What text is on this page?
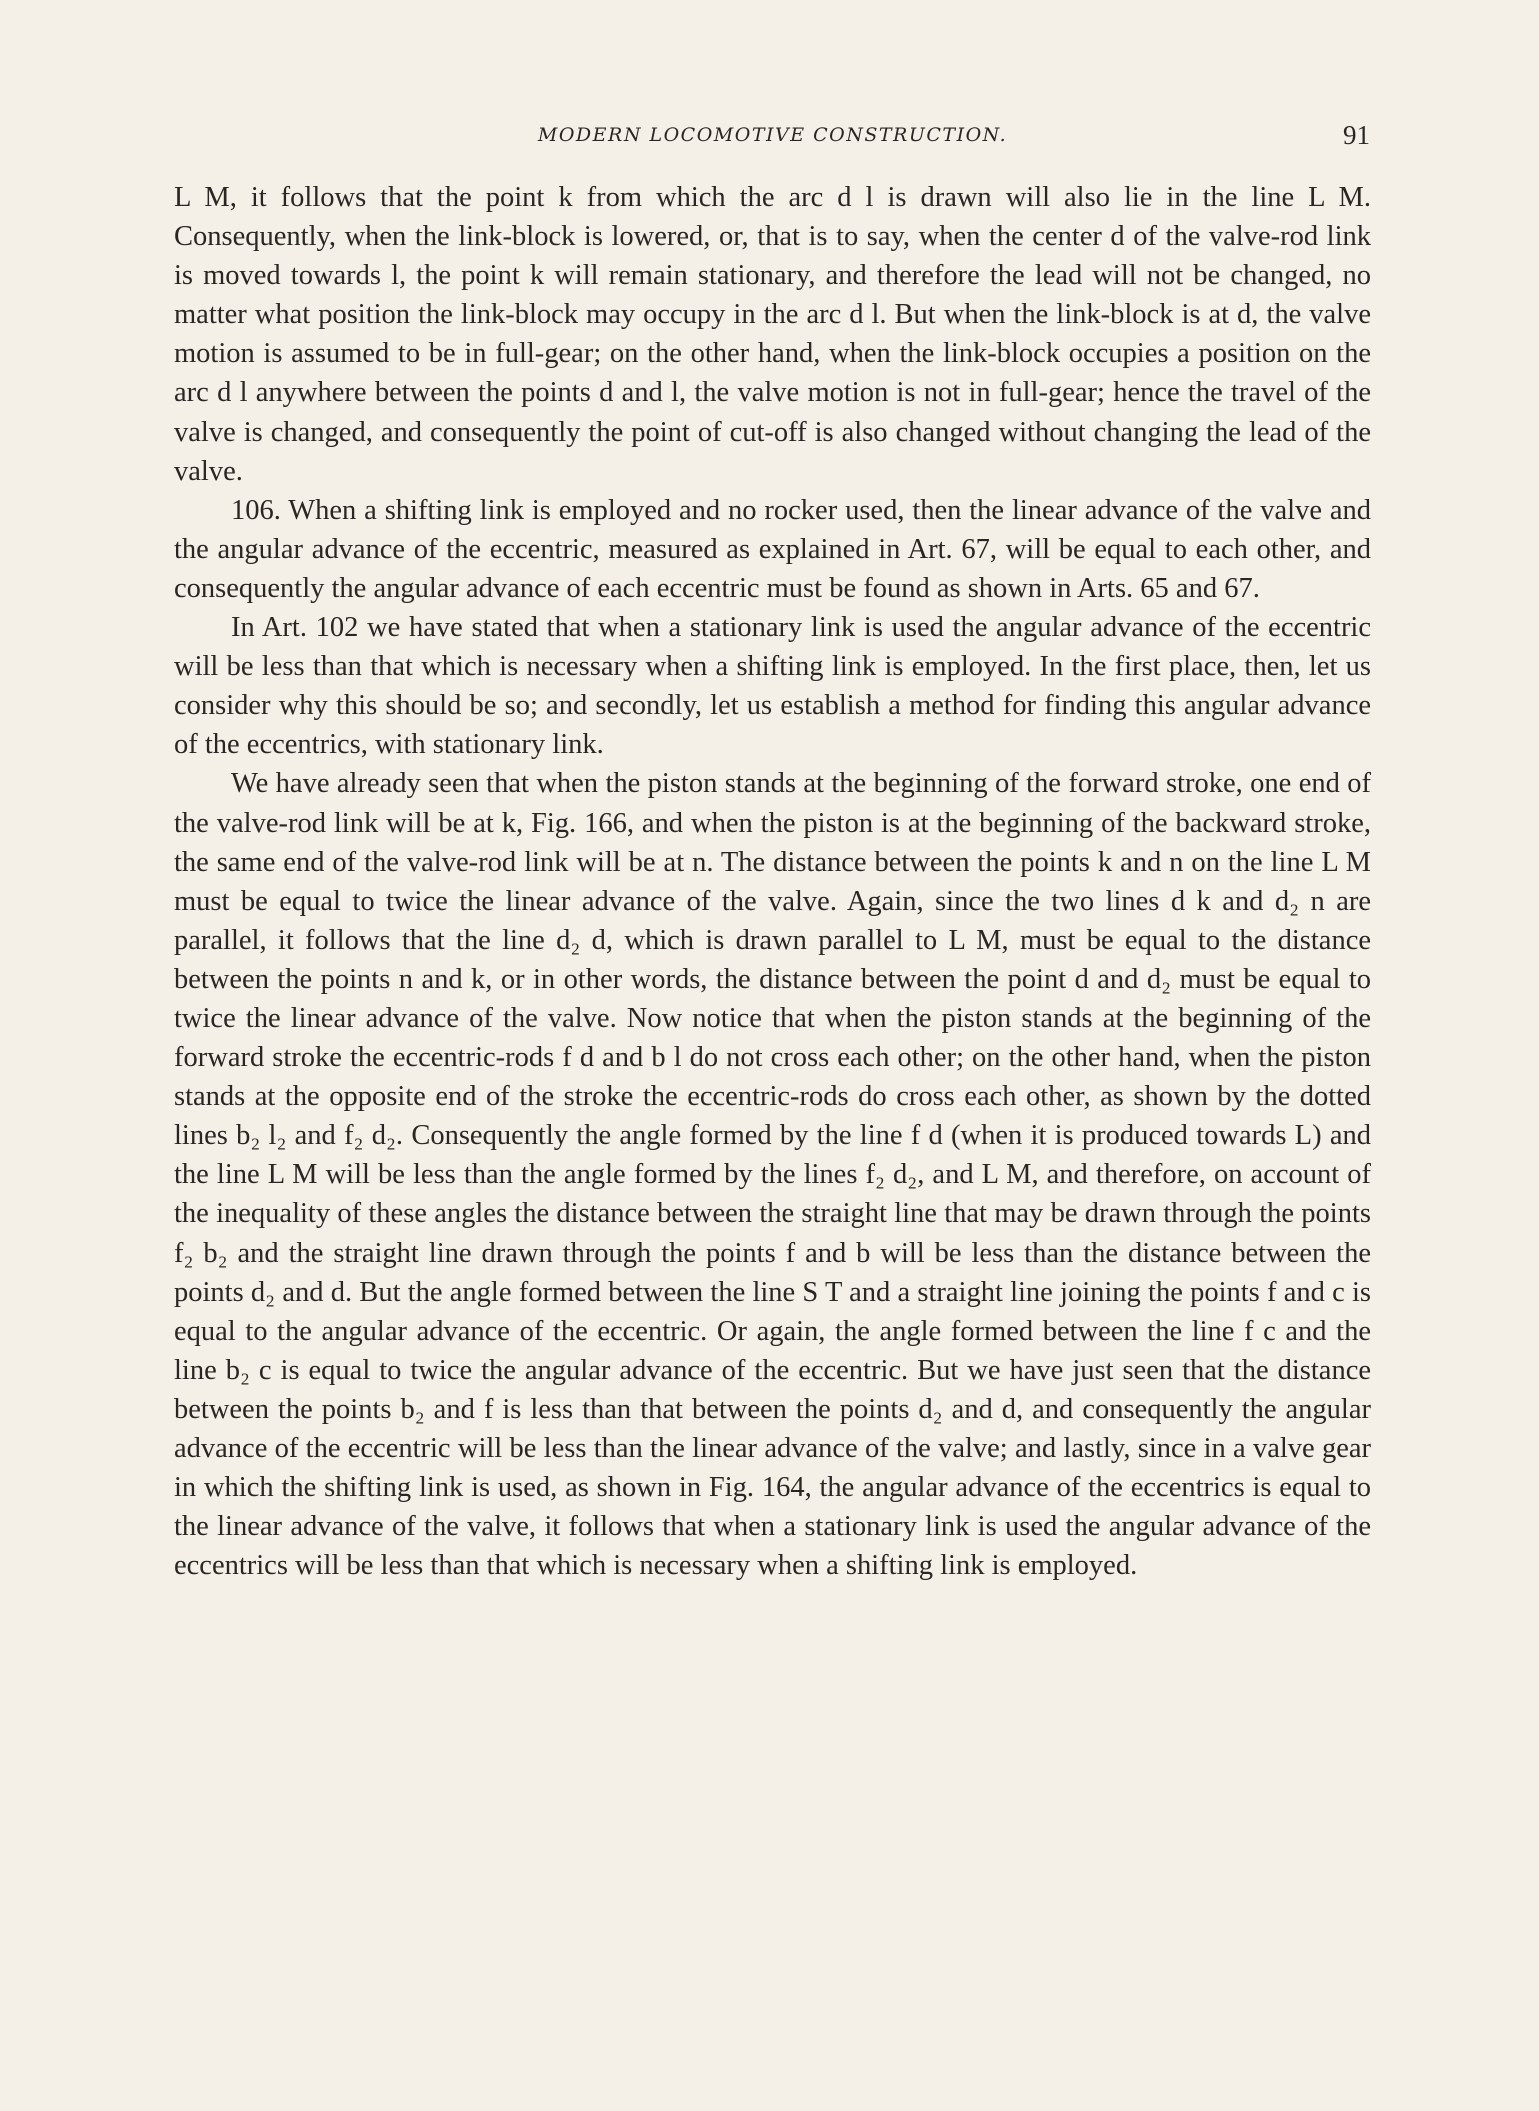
MODERN LOCOMOTIVE CONSTRUCTION.	91

L M, it follows that the point k from which the arc d l is drawn will also lie in the line L M. Consequently, when the link-block is lowered, or, that is to say, when the center d of the valve-rod link is moved towards l, the point k will remain stationary, and therefore the lead will not be changed, no matter what position the link-block may occupy in the arc d l. But when the link-block is at d, the valve motion is assumed to be in full-gear; on the other hand, when the link-block occupies a position on the arc d l anywhere between the points d and l, the valve motion is not in full-gear; hence the travel of the valve is changed, and consequently the point of cut-off is also changed without changing the lead of the valve.

106. When a shifting link is employed and no rocker used, then the linear advance of the valve and the angular advance of the eccentric, measured as explained in Art. 67, will be equal to each other, and consequently the angular advance of each eccentric must be found as shown in Arts. 65 and 67.

In Art. 102 we have stated that when a stationary link is used the angular advance of the eccentric will be less than that which is necessary when a shifting link is employed. In the first place, then, let us consider why this should be so; and secondly, let us establish a method for finding this angular advance of the eccentrics, with stationary link.

We have already seen that when the piston stands at the beginning of the forward stroke, one end of the valve-rod link will be at k, Fig. 166, and when the piston is at the beginning of the backward stroke, the same end of the valve-rod link will be at n. The distance between the points k and n on the line L M must be equal to twice the linear advance of the valve. Again, since the two lines d k and d₂ n are parallel, it follows that the line d₂ d, which is drawn parallel to L M, must be equal to the distance between the points n and k, or in other words, the distance between the point d and d₂ must be equal to twice the linear advance of the valve. Now notice that when the piston stands at the beginning of the forward stroke the eccentric-rods f d and b l do not cross each other; on the other hand, when the piston stands at the opposite end of the stroke the eccentric-rods do cross each other, as shown by the dotted lines b₂ l₂ and f₂ d₂. Consequently the angle formed by the line f d (when it is produced towards L) and the line L M will be less than the angle formed by the lines f₂ d₂, and L M, and therefore, on account of the inequality of these angles the distance between the straight line that may be drawn through the points f₂ b₂ and the straight line drawn through the points f and b will be less than the distance between the points d₂ and d. But the angle formed between the line S T and a straight line joining the points f and c is equal to the angular advance of the eccentric. Or again, the angle formed between the line f c and the line b₂ c is equal to twice the angular advance of the eccentric. But we have just seen that the distance between the points b₂ and f is less than that between the points d₂ and d, and consequently the angular advance of the eccentric will be less than the linear advance of the valve; and lastly, since in a valve gear in which the shifting link is used, as shown in Fig. 164, the angular advance of the eccentrics is equal to the linear advance of the valve, it follows that when a stationary link is used the angular advance of the eccentrics will be less than that which is necessary when a shifting link is employed.
